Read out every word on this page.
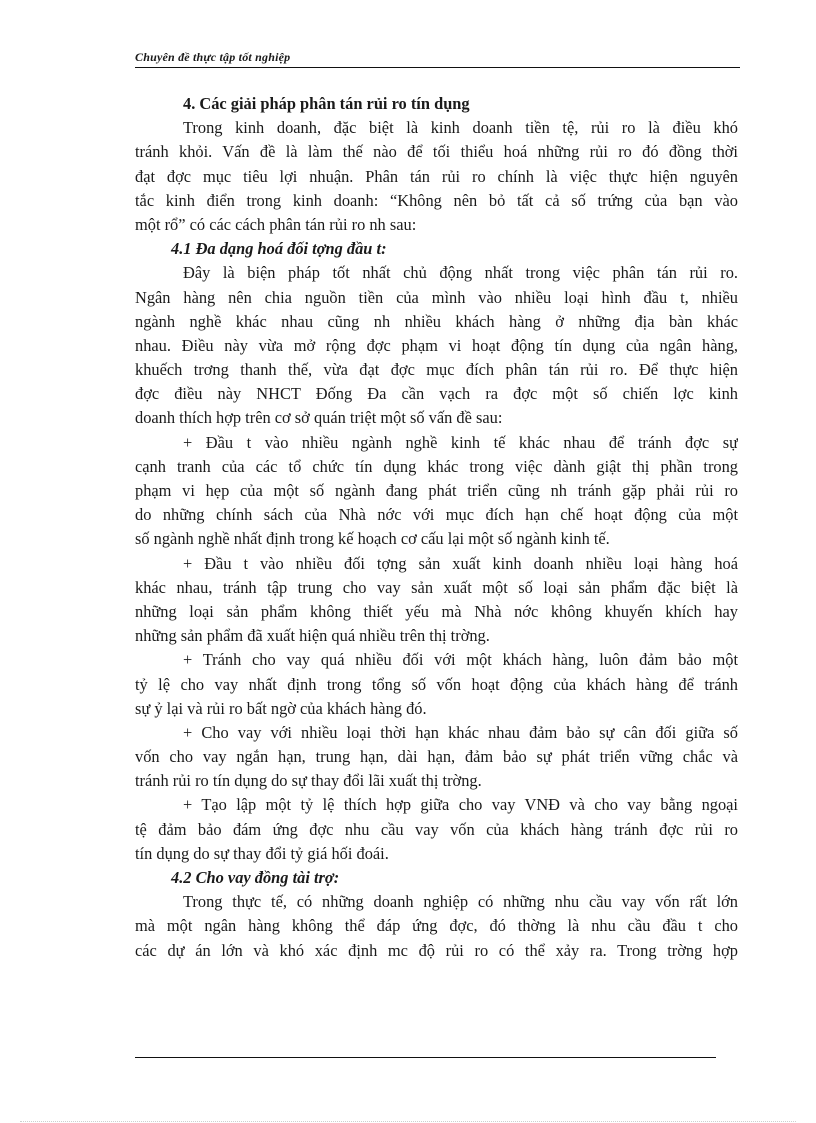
Chuyên đề thực tập tốt nghiệp
4. Các giải pháp phân tán rủi ro tín dụng
Trong kinh doanh, đặc biệt là kinh doanh tiền tệ, rủi ro là điều khó
tránh khỏi. Vấn đề là làm thế nào để tối thiểu hoá những rủi ro đó đồng thời
đạt đợc mục tiêu lợi nhuận. Phân tán rủi ro chính là việc thực hiện nguyên
tắc kinh điển trong kinh doanh: “Không nên bỏ tất cả số trứng của bạn vào
một rổ” có các cách phân tán rủi ro nh sau:
4.1 Đa dạng hoá đối tợng đầu t:
Đây là biện pháp tốt nhất chủ động nhất trong việc phân tán rủi ro.
Ngân hàng nên chia nguồn tiền của mình vào nhiều loại hình đầu t, nhiều
ngành nghề khác nhau cũng nh nhiều khách hàng ở những địa bàn khác
nhau. Điều này vừa mở rộng đợc phạm vi hoạt động tín dụng của ngân hàng,
khuếch trơng thanh thế, vừa đạt đợc mục đích phân tán rủi ro. Để thực hiện
đợc điều này NHCT Đống Đa cần vạch ra đợc một số chiến lợc kinh
doanh thích hợp trên cơ sở quán triệt một số vấn đề sau:
+ Đầu t vào nhiều ngành nghề kinh tế khác nhau để tránh đợc sự
cạnh tranh của các tổ chức tín dụng khác trong việc dành giật thị phần trong
phạm vi hẹp của một số ngành đang phát triển cũng nh tránh gặp phải rủi ro
do những chính sách của Nhà nớc với mục đích hạn chế hoạt động của một
số ngành nghề nhất định trong kế hoạch cơ cấu lại một số ngành kinh tế.
+ Đầu t vào nhiều đối tợng sản xuất kinh doanh nhiều loại hàng hoá
khác nhau, tránh tập trung cho vay sản xuất một số loại sản phẩm đặc biệt là
những loại sản phẩm không thiết yếu mà Nhà nớc không khuyến khích hay
những sản phẩm đã xuất hiện quá nhiều trên thị trờng.
+ Tránh cho vay quá nhiều đối với một khách hàng, luôn đảm bảo một
tỷ lệ cho vay nhất định trong tổng số vốn hoạt động của khách hàng để tránh
sự ỷ lại và rủi ro bất ngờ của khách hàng đó.
+ Cho vay với nhiều loại thời hạn khác nhau đảm bảo sự cân đối giữa số
vốn cho vay ngắn hạn, trung hạn, dài hạn, đảm bảo sự phát triển vững chắc và
tránh rủi ro tín dụng do sự thay đổi lãi xuất thị trờng.
+ Tạo lập một tỷ lệ thích hợp giữa cho vay VNĐ và cho vay bằng ngoại
tệ đảm bảo đám ứng đợc nhu cầu vay vốn của khách hàng tránh đợc rủi ro
tín dụng do sự thay đổi tỷ giá hối đoái.
4.2 Cho vay đồng tài trợ:
Trong thực tế, có những doanh nghiệp có những nhu cầu vay vốn rất lớn
mà một ngân hàng không thể đáp ứng đợc, đó thờng là nhu cầu đầu t cho
các dự án lớn và khó xác định mc độ rủi ro có thể xảy ra. Trong trờng hợp
